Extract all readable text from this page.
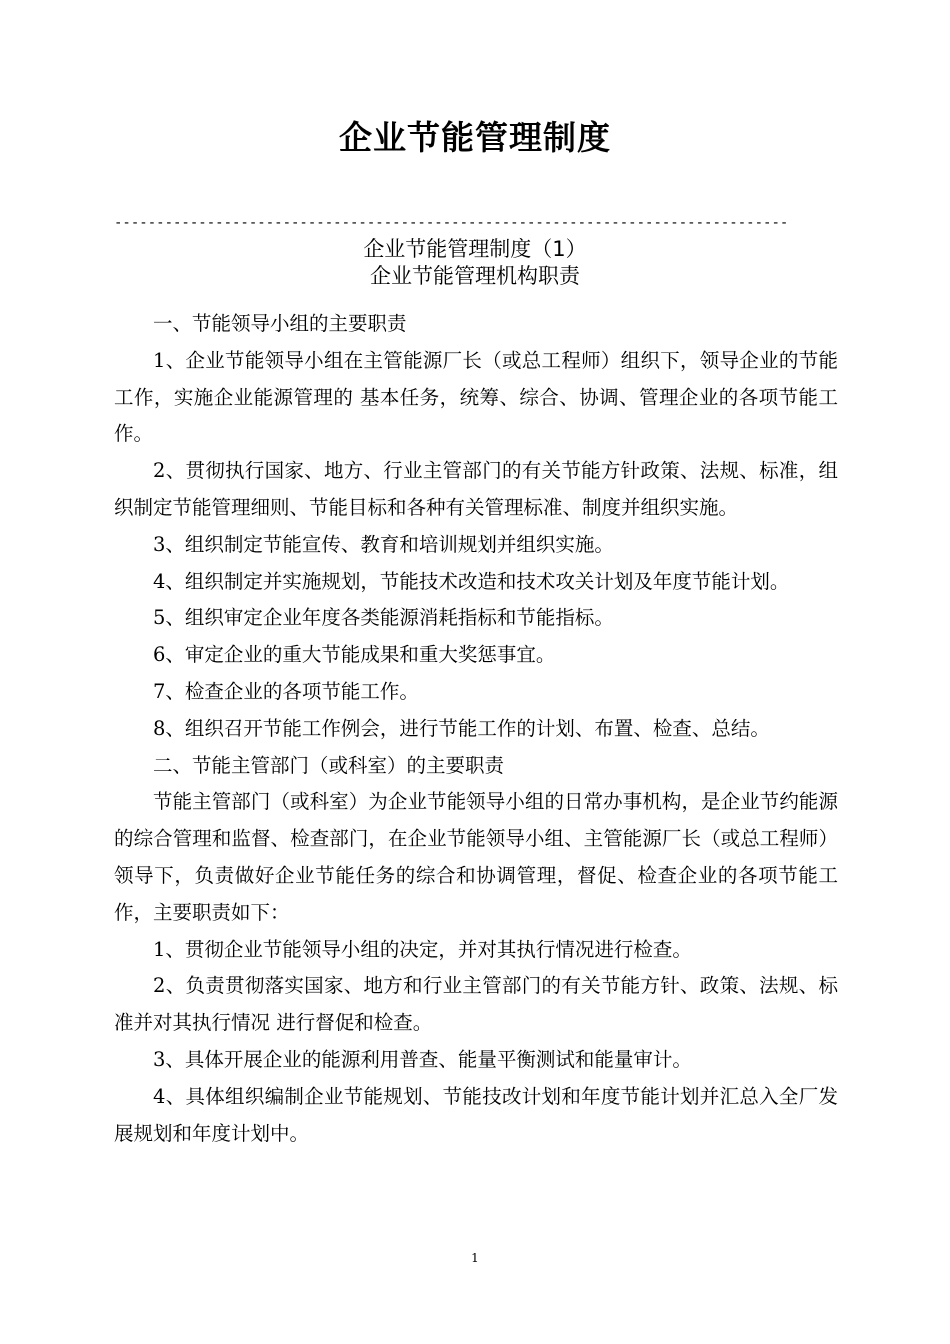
企业节能管理制度
--------------------------------------------------------------------------------
企业节能管理制度（1）
企业节能管理机构职责

一、节能领导小组的主要职责

1、企业节能领导小组在主管能源厂长（或总工程师）组织下，领导企业的节能工作，实施企业能源管理的 基本任务，统筹、综合、协调、管理企业的各项节能工作。

2、贯彻执行国家、地方、行业主管部门的有关节能方针政策、法规、标准，组织制定节能管理细则、节能目标和各种有关管理标准、制度并组织实施。

3、组织制定节能宣传、教育和培训规划并组织实施。

4、组织制定并实施规划，节能技术改造和技术攻关计划及年度节能计划。

5、组织审定企业年度各类能源消耗指标和节能指标。

6、审定企业的重大节能成果和重大奖惩事宜。

7、检查企业的各项节能工作。

8、组织召开节能工作例会，进行节能工作的计划、布置、检查、总结。

二、节能主管部门（或科室）的主要职责

节能主管部门（或科室）为企业节能领导小组的日常办事机构，是企业节约能源的综合管理和监督、检查部门，在企业节能领导小组、主管能源厂长（或总工程师）领导下，负责做好企业节能任务的综合和协调管理，督促、检查企业的各项节能工作，主要职责如下：

1、贯彻企业节能领导小组的决定，并对其执行情况进行检查。

2、负责贯彻落实国家、地方和行业主管部门的有关节能方针、政策、法规、标准并对其执行情况 进行督促和检查。

3、具体开展企业的能源利用普查、能量平衡测试和能量审计。

4、具体组织编制企业节能规划、节能技改计划和年度节能计划并汇总入全厂发展规划和年度计划中。

1
